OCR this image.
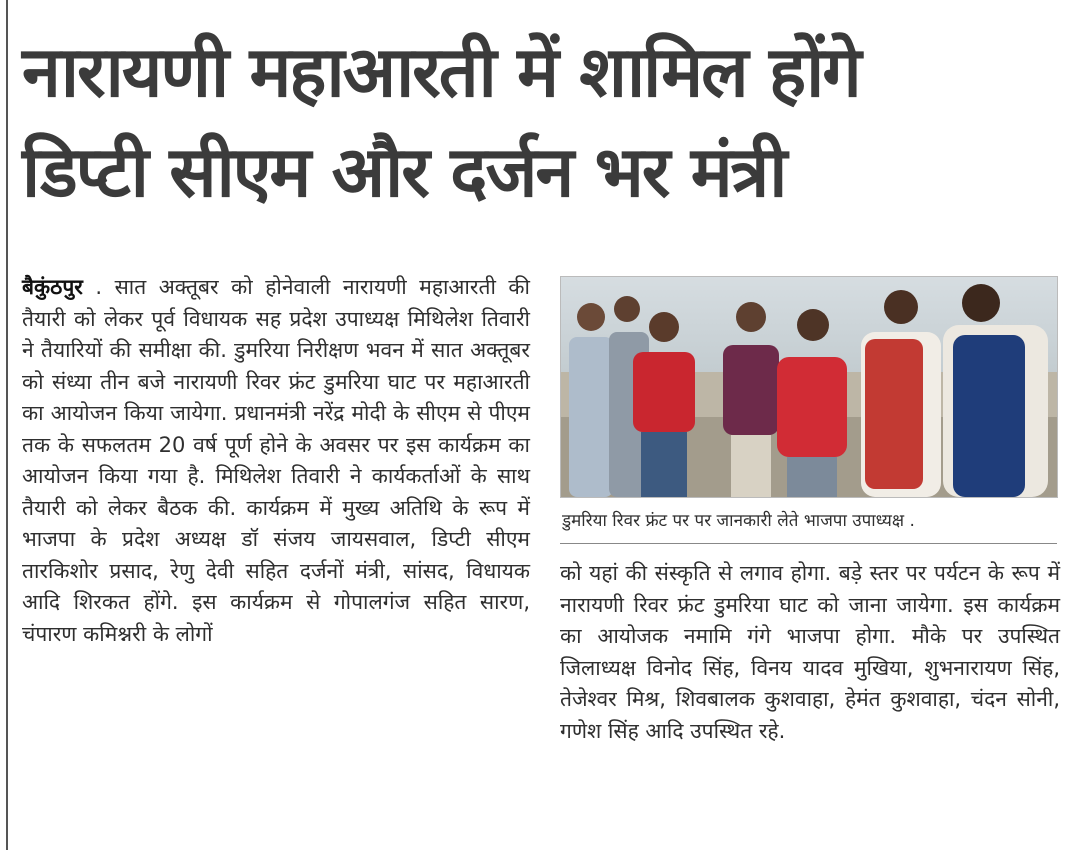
नारायणी महाआरती में शामिल होंगे
डिप्टी सीएम और दर्जन भर मंत्री

बैकुंठपुर . सात अक्तूबर को होनेवाली नारायणी महाआरती की तैयारी को लेकर पूर्व विधायक सह प्रदेश उपाध्यक्ष मिथिलेश तिवारी ने तैयारियों की समीक्षा की. डुमरिया निरीक्षण भवन में सात अक्तूबर को संध्या तीन बजे नारायणी रिवर फ्रंट डुमरिया घाट पर महाआरती का आयोजन किया जायेगा. प्रधानमंत्री नरेंद्र मोदी के सीएम से पीएम तक के सफलतम 20 वर्ष पूर्ण होने के अवसर पर इस कार्यक्रम का आयोजन किया गया है. मिथिलेश तिवारी ने कार्यकर्ताओं के साथ तैयारी को लेकर बैठक की. कार्यक्रम में मुख्य अतिथि के रूप में भाजपा के प्रदेश अध्यक्ष डॉ संजय जायसवाल, डिप्टी सीएम तारकिशोर प्रसाद, रेणु देवी सहित दर्जनों मंत्री, सांसद, विधायक आदि शिरकत होंगे. इस कार्यक्रम से गोपालगंज सहित सारण, चंपारण कमिश्नरी के लोगों

डुमरिया रिवर फ्रंट पर पर जानकारी लेते भाजपा उपाध्यक्ष .

को यहां की संस्कृति से लगाव होगा. बड़े स्तर पर पर्यटन के रूप में नारायणी रिवर फ्रंट डुमरिया घाट को जाना जायेगा. इस कार्यक्रम का आयोजक नमामि गंगे भाजपा होगा. मौके पर उपस्थित जिलाध्यक्ष विनोद सिंह, विनय यादव मुखिया, शुभनारायण सिंह, तेजेश्वर मिश्र, शिवबालक कुशवाहा, हेमंत कुशवाहा, चंदन सोनी, गणेश सिंह आदि उपस्थित रहे.
